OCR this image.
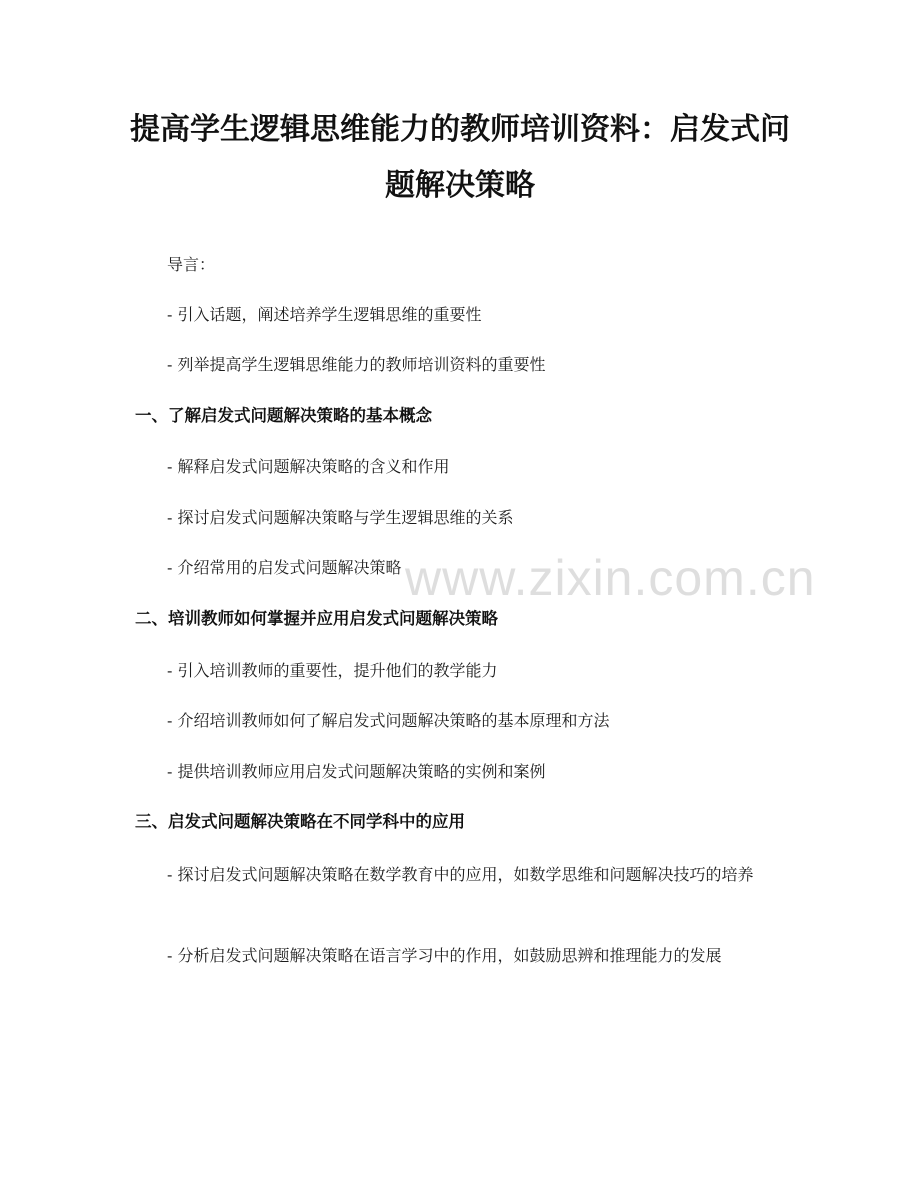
提高学生逻辑思维能力的教师培训资料：启发式问题解决策略

导言：

- 引入话题，阐述培养学生逻辑思维的重要性

- 列举提高学生逻辑思维能力的教师培训资料的重要性

一、了解启发式问题解决策略的基本概念

- 解释启发式问题解决策略的含义和作用

- 探讨启发式问题解决策略与学生逻辑思维的关系

- 介绍常用的启发式问题解决策略

二、培训教师如何掌握并应用启发式问题解决策略

- 引入培训教师的重要性，提升他们的教学能力

- 介绍培训教师如何了解启发式问题解决策略的基本原理和方法

- 提供培训教师应用启发式问题解决策略的实例和案例

三、启发式问题解决策略在不同学科中的应用

- 探讨启发式问题解决策略在数学教育中的应用，如数学思维和问题解决技巧的培养

- 分析启发式问题解决策略在语言学习中的作用，如鼓励思辨和推理能力的发展

www.zixin.com.cn
